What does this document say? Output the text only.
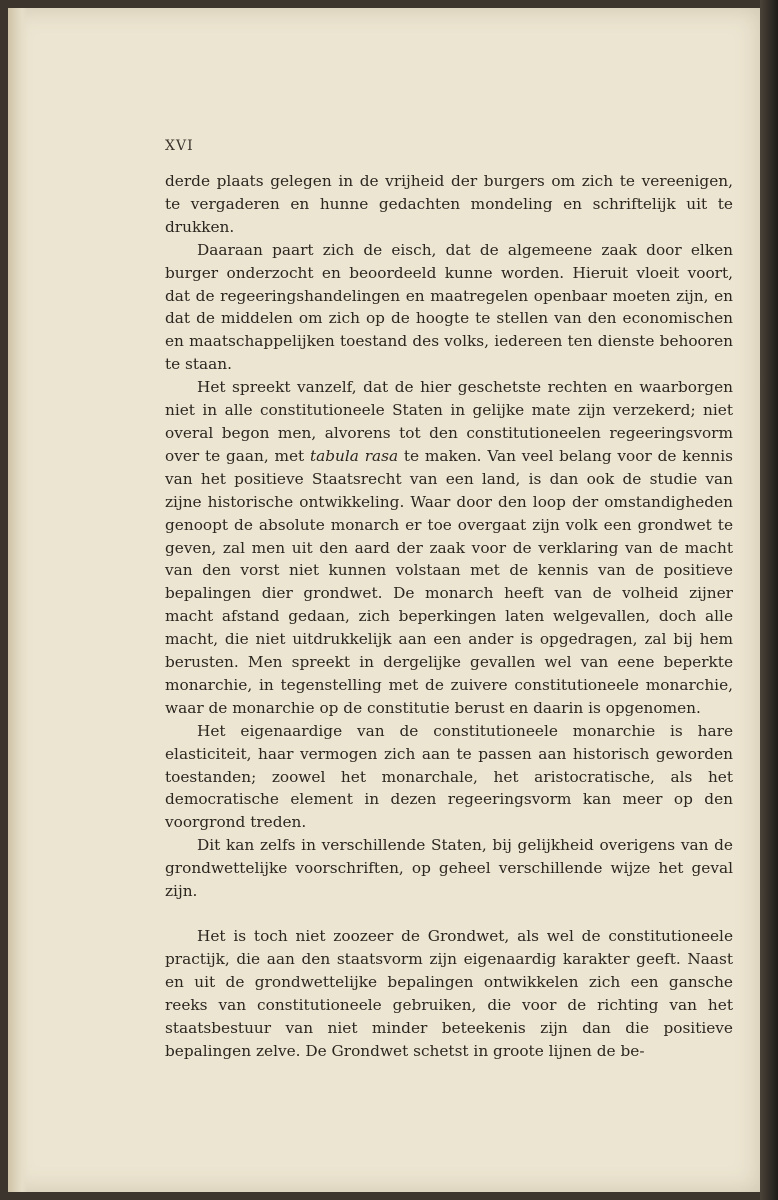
XVI

derde plaats gelegen in de vrijheid der burgers om zich te vereenigen, te vergaderen en hunne gedachten mondeling en schriftelijk uit te drukken.

Daaraan paart zich de eisch, dat de algemeene zaak door elken burger onderzocht en beoordeeld kunne worden. Hieruit vloeit voort, dat de regeeringshandelingen en maatregelen openbaar moeten zijn, en dat de middelen om zich op de hoogte te stellen van den economischen en maatschappelijken toestand des volks, iedereen ten dienste behooren te staan.

Het spreekt vanzelf, dat de hier geschetste rechten en waarborgen niet in alle constitutioneele Staten in gelijke mate zijn verzekerd; niet overal begon men, alvorens tot den constitutioneelen regeeringsvorm over te gaan, met tabula rasa te maken. Van veel belang voor de kennis van het positieve Staatsrecht van een land, is dan ook de studie van zijne historische ontwikkeling. Waar door den loop der omstandigheden genoopt de absolute monarch er toe overgaat zijn volk een grondwet te geven, zal men uit den aard der zaak voor de verklaring van de macht van den vorst niet kunnen volstaan met de kennis van de positieve bepalingen dier grondwet. De monarch heeft van de volheid zijner macht afstand gedaan, zich beperkingen laten welgevallen, doch alle macht, die niet uitdrukkelijk aan een ander is opgedragen, zal bij hem berusten. Men spreekt in dergelijke gevallen wel van eene beperkte monarchie, in tegenstelling met de zuivere constitutioneele monarchie, waar de monarchie op de constitutie berust en daarin is opgenomen.

Het eigenaardige van de constitutioneele monarchie is hare elasticiteit, haar vermogen zich aan te passen aan historisch geworden toestanden; zoowel het monarchale, het aristocratische, als het democratische element in dezen regeeringsvorm kan meer op den voorgrond treden.

Dit kan zelfs in verschillende Staten, bij gelijkheid overigens van de grondwettelijke voorschriften, op geheel verschillende wijze het geval zijn.

Het is toch niet zoozeer de Grondwet, als wel de constitutioneele practijk, die aan den staatsvorm zijn eigenaardig karakter geeft. Naast en uit de grondwettelijke bepalingen ontwikkelen zich een gansche reeks van constitutioneele gebruiken, die voor de richting van het staatsbestuur van niet minder beteekenis zijn dan die positieve bepalingen zelve. De Grondwet schetst in groote lijnen de be-
